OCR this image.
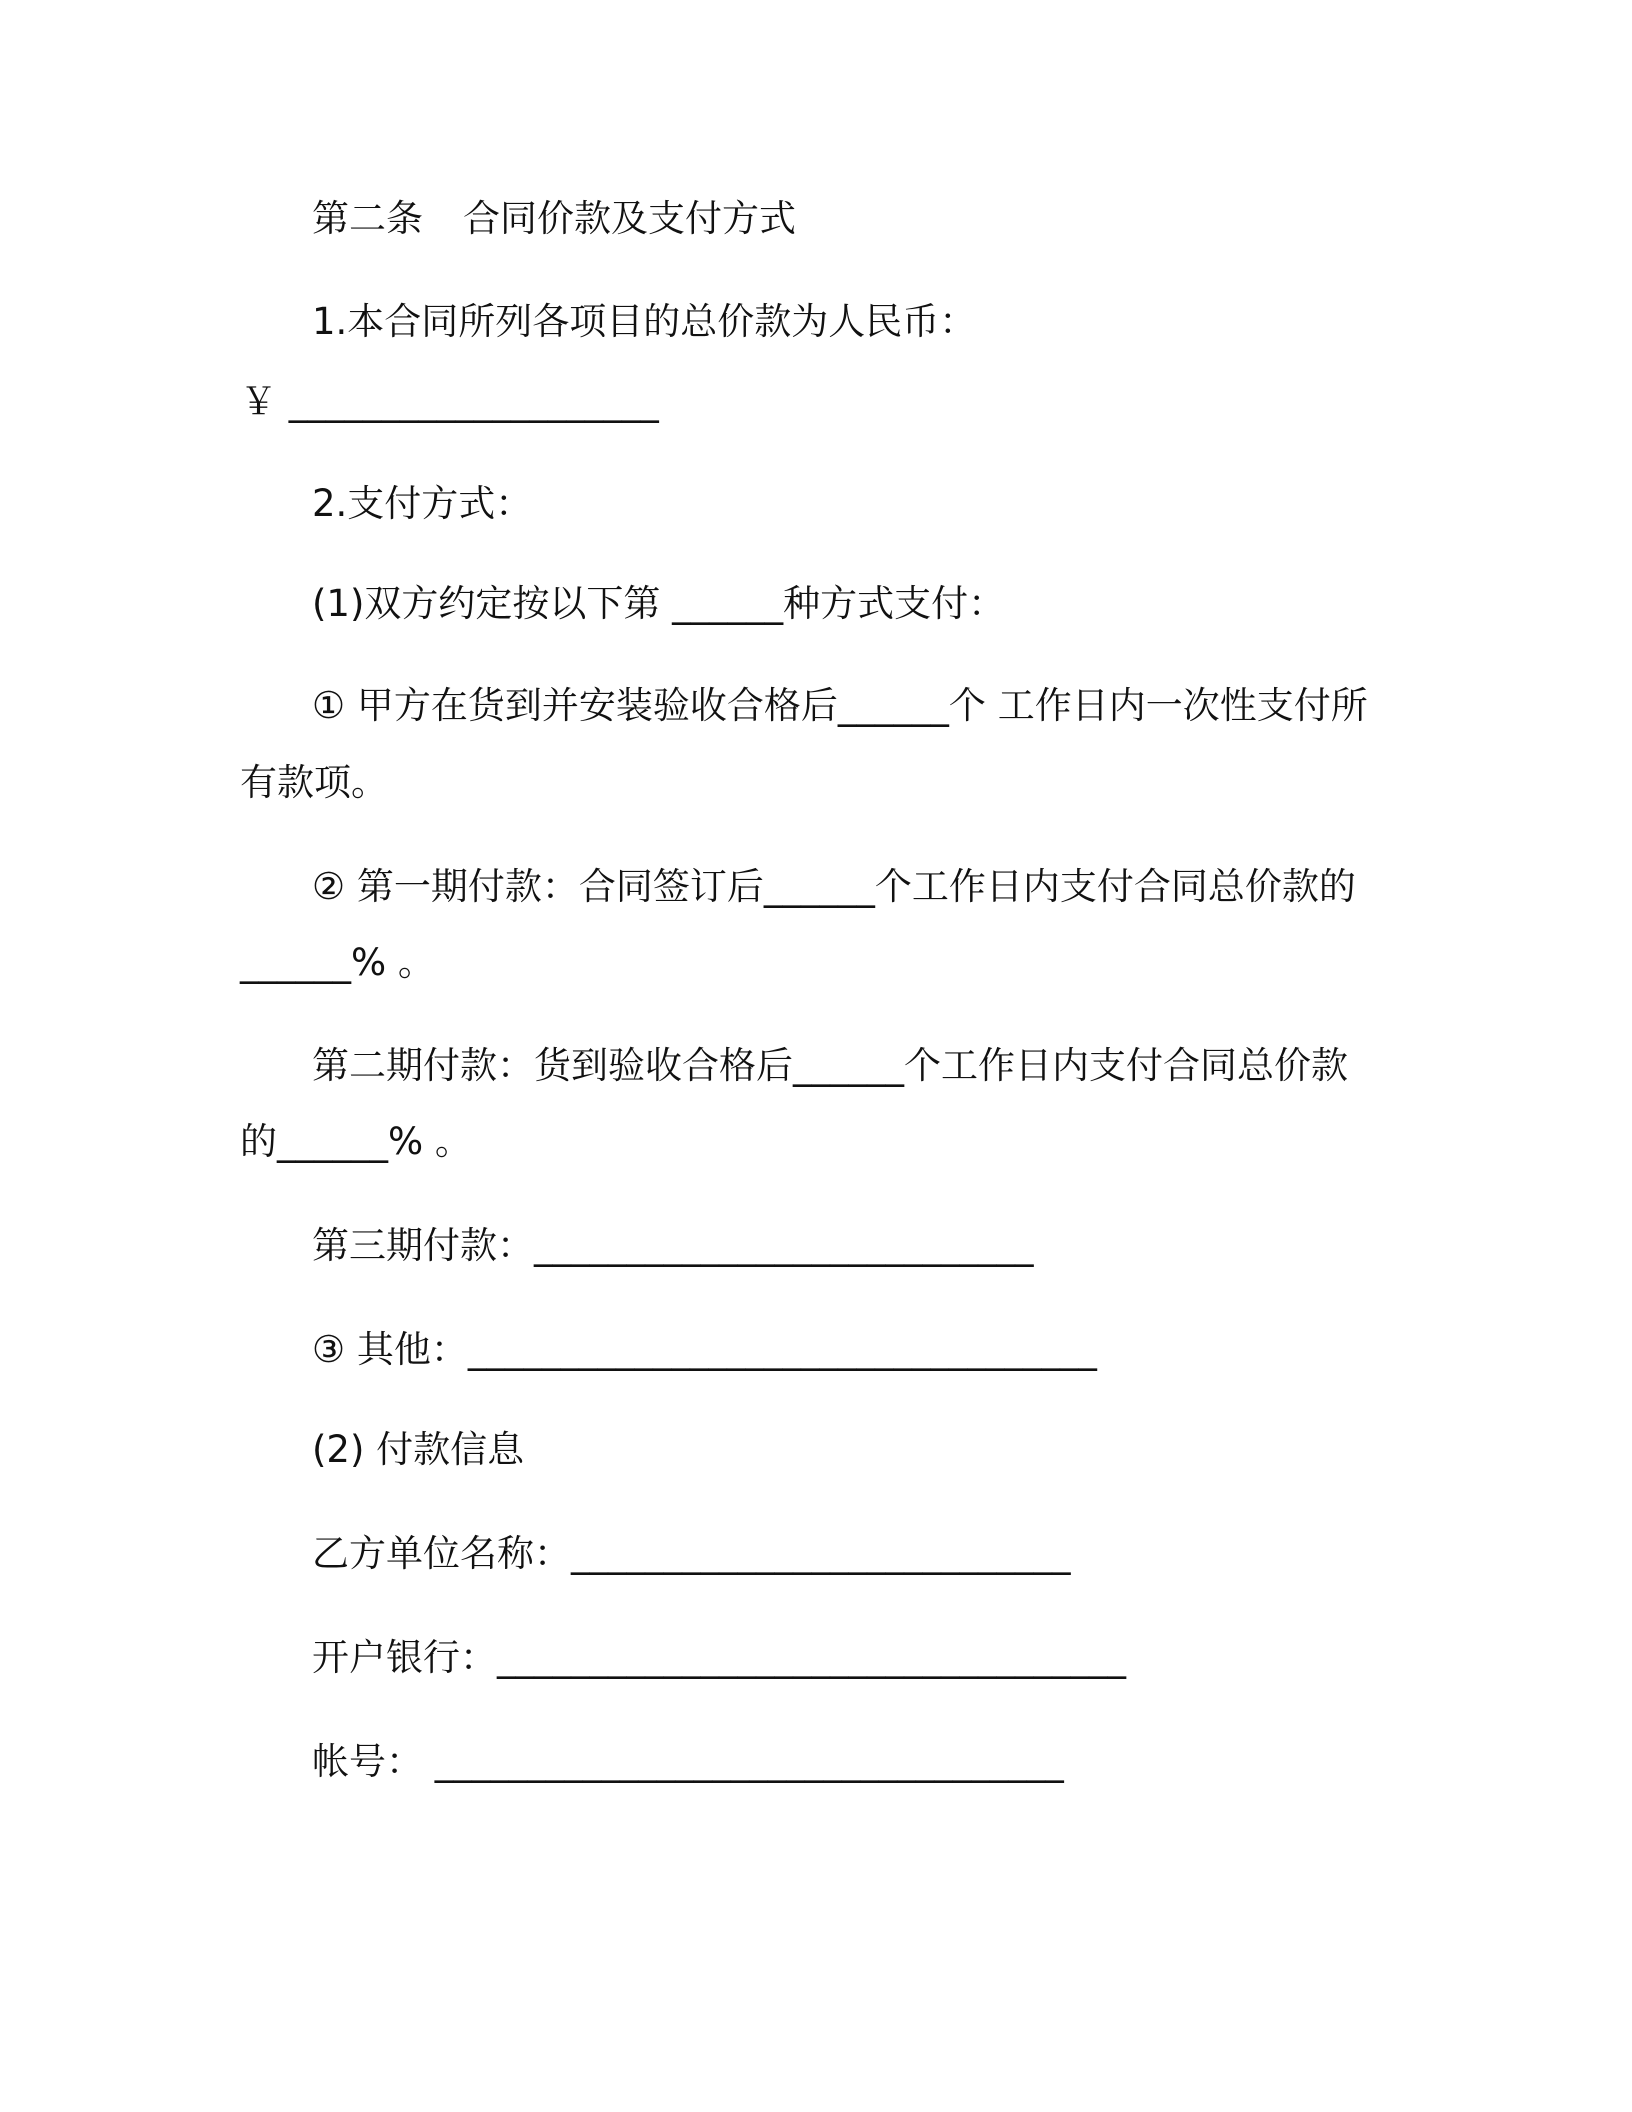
第二条 合同价款及支付方式
1.本合同所列各项目的总价款为人民币：
￥ ____________________
2.支付方式：
(1)双方约定按以下第 ______种方式支付：
① 甲方在货到并安装验收合格后______个 工作日内一次性支付所
有款项。
② 第一期付款：合同签订后______个工作日内支付合同总价款的
______% 。
第二期付款：货到验收合格后______个工作日内支付合同总价款
的______% 。
第三期付款：___________________________
③ 其他：__________________________________
(2) 付款信息
乙方单位名称：___________________________
开户银行：__________________________________
帐号： __________________________________
